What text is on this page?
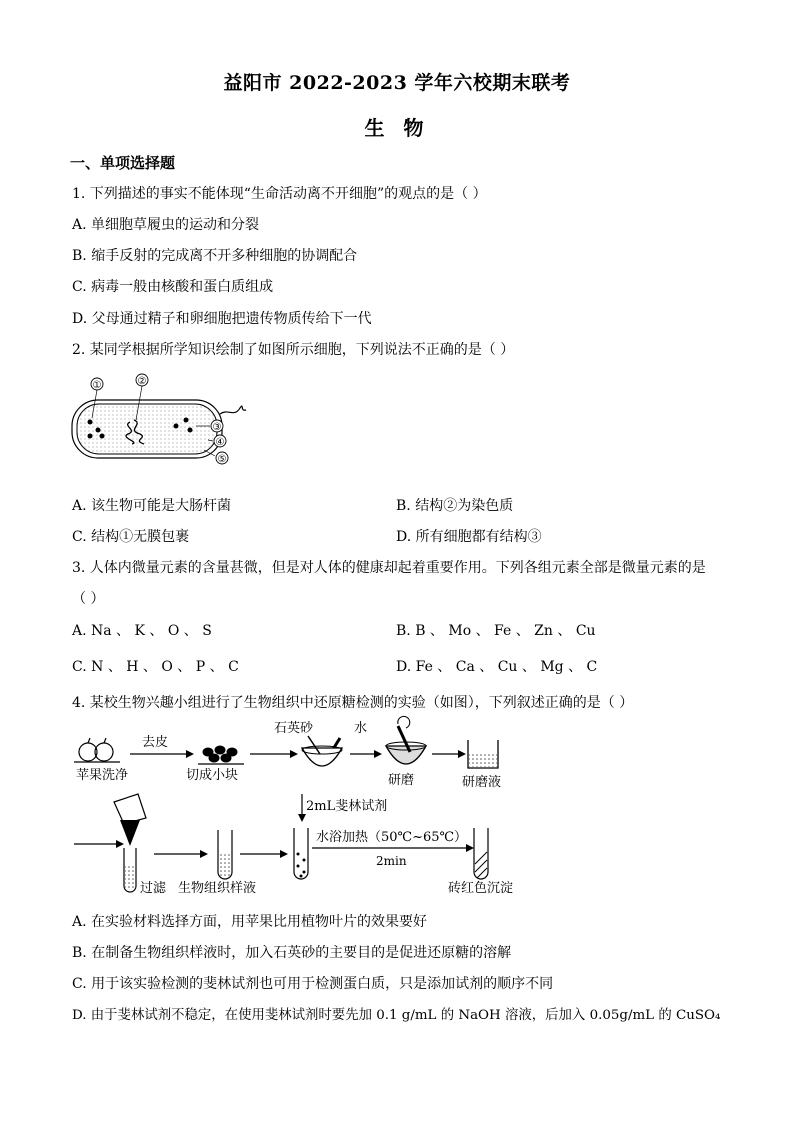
益阳市 2022-2023 学年六校期末联考
生 物
一、单项选择题
1. 下列描述的事实不能体现“生命活动离不开细胞”的观点的是（ ）
A. 单细胞草履虫的运动和分裂
B. 缩手反射的完成离不开多种细胞的协调配合
C. 病毒一般由核酸和蛋白质组成
D. 父母通过精子和卵细胞把遗传物质传给下一代
2. 某同学根据所学知识绘制了如图所示细胞，下列说法不正确的是（ ）
①	②
③
④
⑤
A. 该生物可能是大肠杆菌	B. 结构②为染色质
C. 结构①无膜包裹	D. 所有细胞都有结构③
3. 人体内微量元素的含量甚微，但是对人体的健康却起着重要作用。下列各组元素全部是微量元素的是
（ ）
A. Na 、 K 、 O 、 S	B. B 、 Mo 、 Fe 、 Zn 、 Cu
C. N 、 H 、 O 、 P 、 C	D. Fe 、 Ca 、 Cu 、 Mg 、 C
4. 某校生物兴趣小组进行了生物组织中还原糖检测的实验（如图），下列叙述正确的是（ ）
苹果洗净
去皮
切成小块
石英砂	水
研磨	研磨液
2mL斐林试剂
过滤 生物组织样液
水浴加热（50℃~65℃）
2min
砖红色沉淀
A. 在实验材料选择方面，用苹果比用植物叶片的效果要好
B. 在制备生物组织样液时，加入石英砂的主要目的是促进还原糖的溶解
C. 用于该实验检测的斐林试剂也可用于检测蛋白质，只是添加试剂的顺序不同
D. 由于斐林试剂不稳定，在使用斐林试剂时要先加 0.1 g/mL 的 NaOH 溶液，后加入 0.05g/mL 的 CuSO₄
